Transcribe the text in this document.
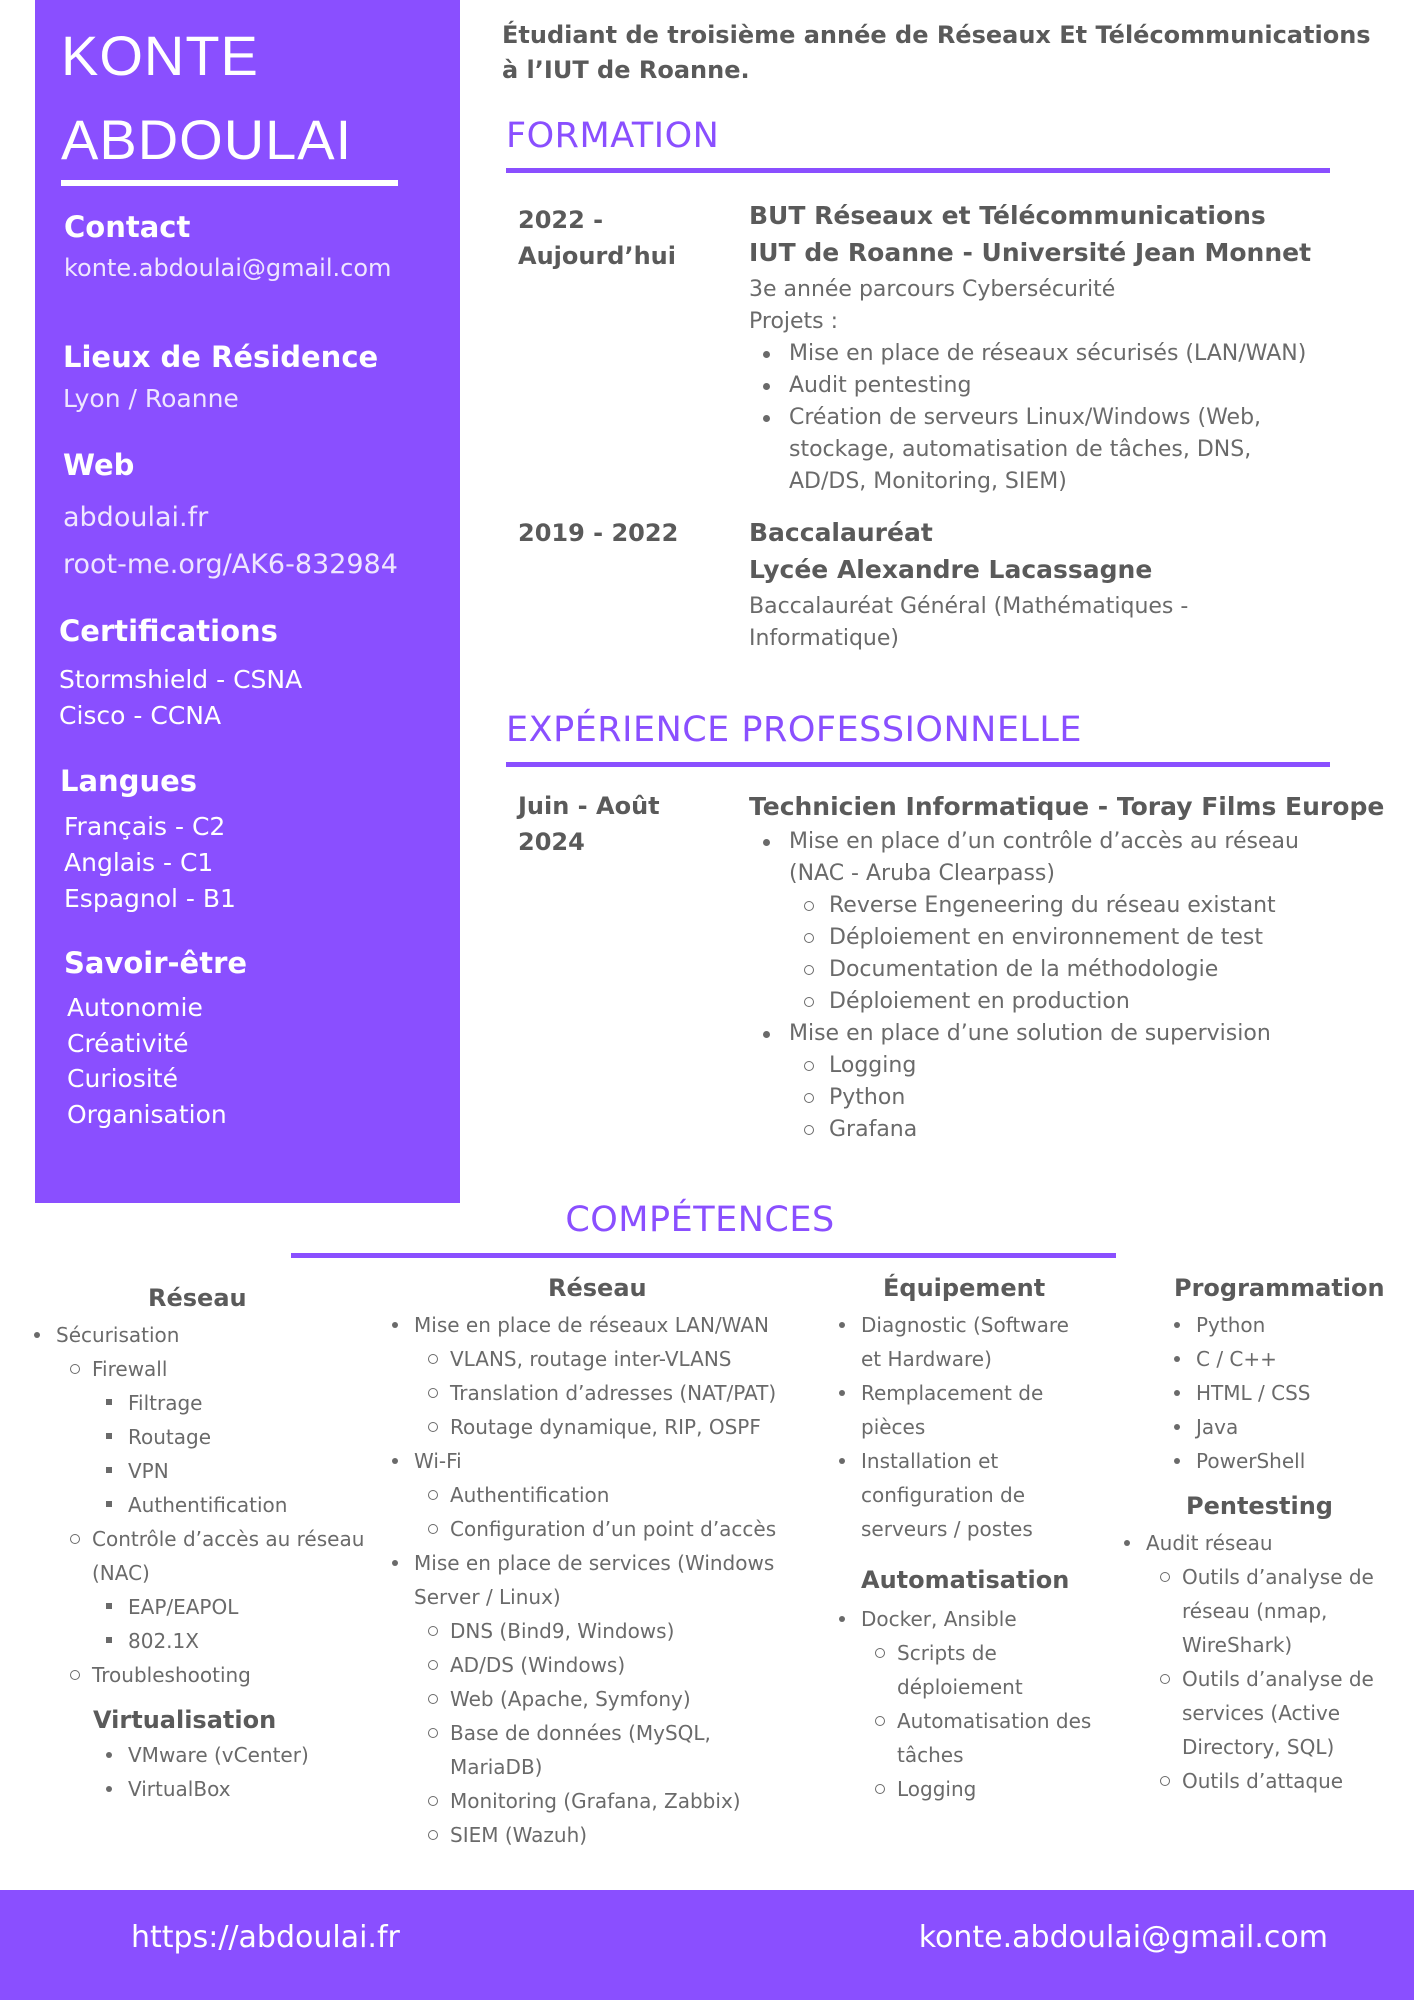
KONTE
ABDOULAI
Contact
konte.abdoulai@gmail.com
Lieux de Résidence
Lyon / Roanne
Web
abdoulai.fr
root-me.org/AK6-832984
Certifications
Stormshield - CSNA
Cisco - CCNA
Langues
Français - C2
Anglais - C1
Espagnol - B1
Savoir-être
Autonomie
Créativité
Curiosité
Organisation
Étudiant de troisième année de Réseaux Et Télécommunications à l’IUT de Roanne.
FORMATION
2022 -
Aujourd’hui
BUT Réseaux et Télécommunications
IUT de Roanne - Université Jean Monnet
3e année parcours Cybersécurité
Projets :
Mise en place de réseaux sécurisés (LAN/WAN)
Audit pentesting
Création de serveurs Linux/Windows (Web, stockage, automatisation de tâches, DNS, AD/DS, Monitoring, SIEM)
2019 - 2022	Baccalauréat
Lycée Alexandre Lacassagne
Baccalauréat Général (Mathématiques - Informatique)
EXPÉRIENCE PROFESSIONNELLE
Juin - Août
2024
Technicien Informatique - Toray Films Europe
Mise en place d’un contrôle d’accès au réseau (NAC - Aruba Clearpass)
Reverse Engeneering du réseau existant
Déploiement en environnement de test
Documentation de la méthodologie
Déploiement en production
Mise en place d’une solution de supervision
Logging
Python
Grafana
COMPÉTENCES
Réseau
Sécurisation
Firewall
Filtrage
Routage
VPN
Authentification
Contrôle d’accès au réseau (NAC)
EAP/EAPOL
802.1X
Troubleshooting
Virtualisation
VMware (vCenter)
VirtualBox
Réseau
Mise en place de réseaux LAN/WAN
VLANS, routage inter-VLANS
Translation d’adresses (NAT/PAT)
Routage dynamique, RIP, OSPF
Wi-Fi
Authentification
Configuration d’un point d’accès
Mise en place de services (Windows Server / Linux)
DNS (Bind9, Windows)
AD/DS (Windows)
Web (Apache, Symfony)
Base de données (MySQL, MariaDB)
Monitoring (Grafana, Zabbix)
SIEM (Wazuh)
Équipement
Diagnostic (Software et Hardware)
Remplacement de pièces
Installation et configuration de serveurs / postes
Automatisation
Docker, Ansible
Scripts de déploiement
Automatisation des tâches
Logging
Programmation
Python
C / C++
HTML / CSS
Java
PowerShell
Pentesting
Audit réseau
Outils d’analyse de réseau (nmap, WireShark)
Outils d’analyse de services (Active Directory, SQL)
Outils d’attaque
https://abdoulai.fr	konte.abdoulai@gmail.com
